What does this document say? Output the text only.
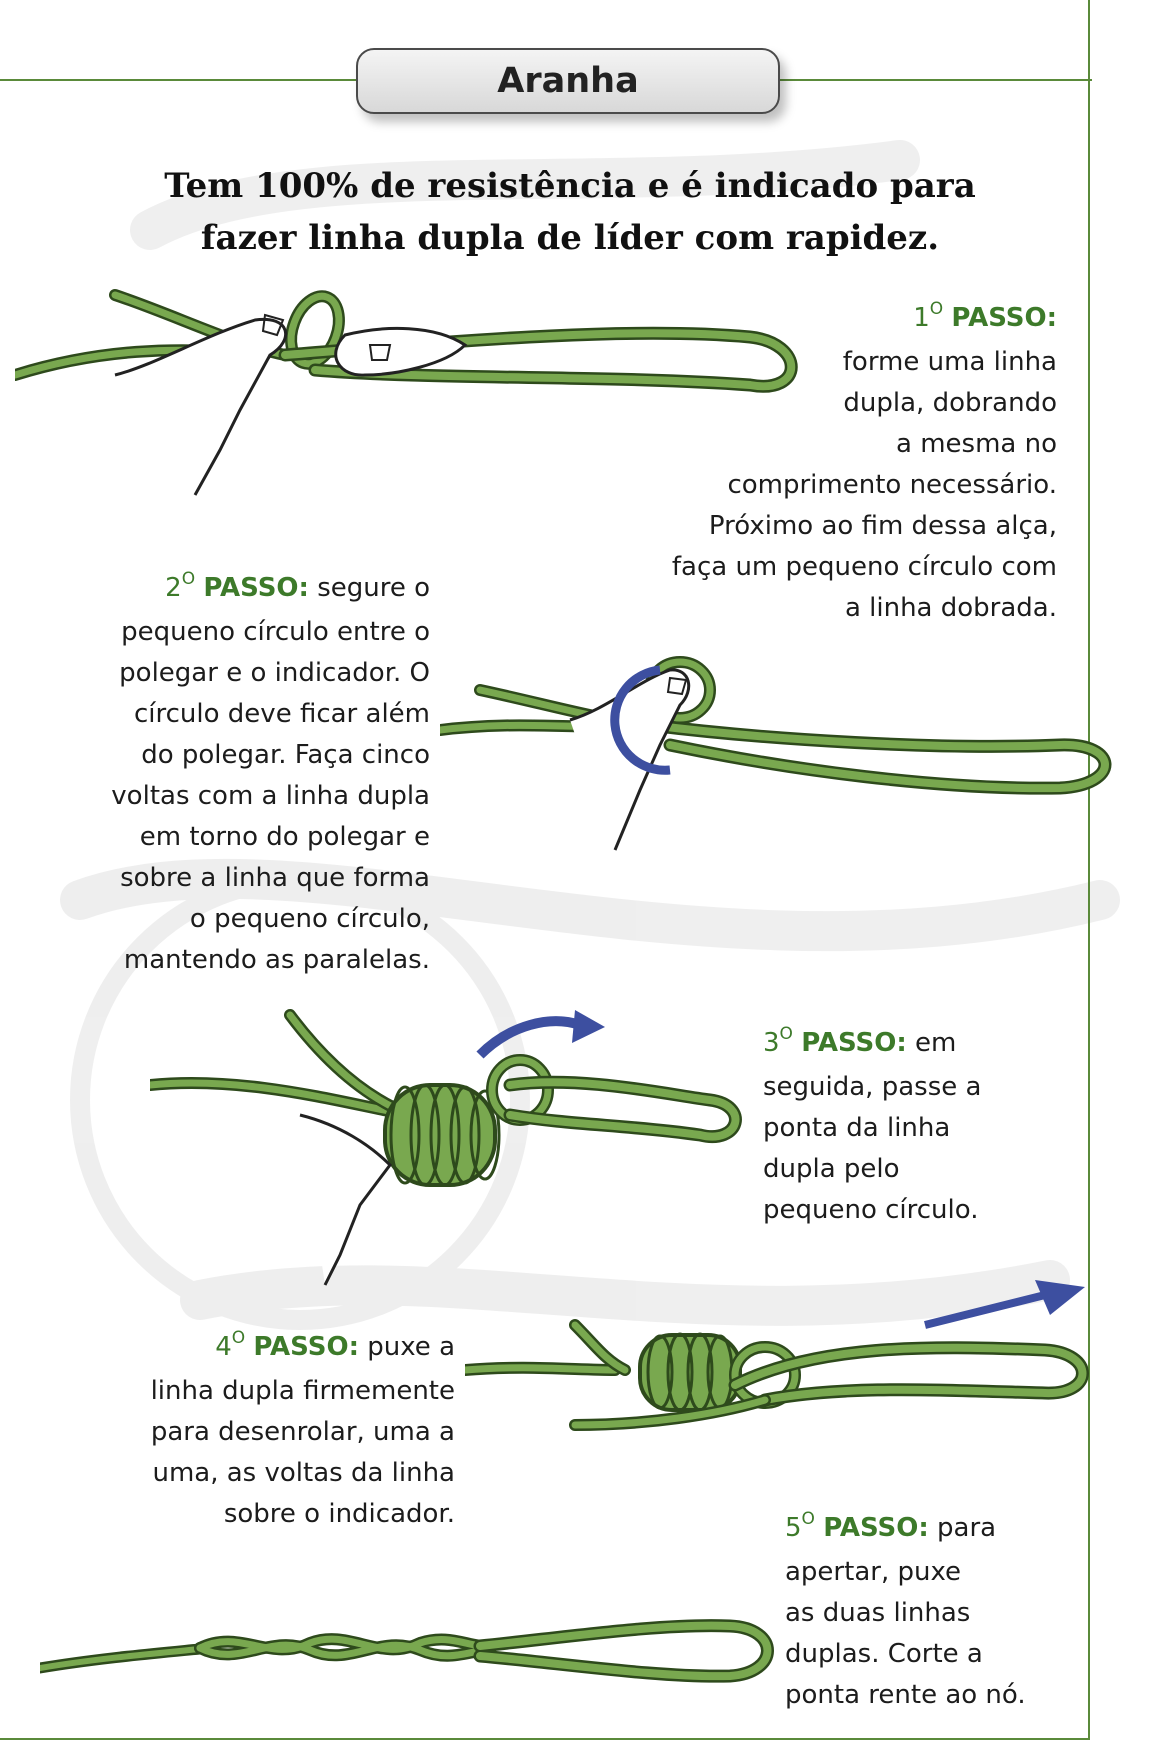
Aranha
Tem 100% de resistência e é indicado para
fazer linha dupla de líder com rapidez.
$1^O$ PASSO:
forme uma linha
dupla, dobrando
a mesma no
comprimento necessário.
Próximo ao fim dessa alça,
faça um pequeno círculo com
a linha dobrada.
$2^O$ PASSO: segure o
pequeno círculo entre o
polegar e o indicador. O
círculo deve ficar além
do polegar. Faça cinco
voltas com a linha dupla
em torno do polegar e
sobre a linha que forma
o pequeno círculo,
mantendo as paralelas.
$3^O$ PASSO: em
seguida, passe a
ponta da linha
dupla pelo
pequeno círculo.
$4^O$ PASSO: puxe a
linha dupla firmemente
para desenrolar, uma a
uma, as voltas da linha
sobre o indicador.	$5^O$ PASSO: para
apertar, puxe
as duas linhas
duplas. Corte a
ponta rente ao nó.
